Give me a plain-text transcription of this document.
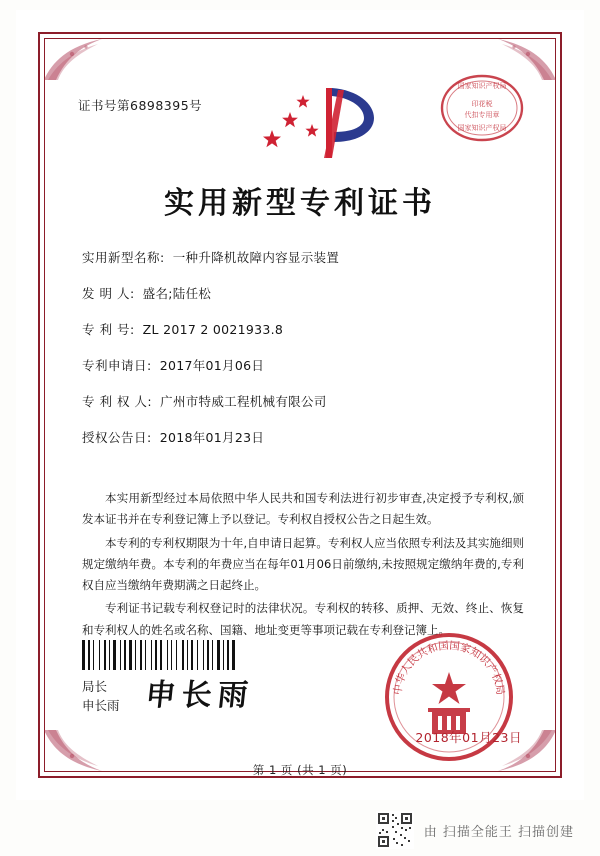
证书号第6898395号
国家知识产权局
印花税
代扣专用章
国家知识产权局
实用新型专利证书
实用新型名称: 一种升降机故障内容显示装置
发 明 人: 盛名;陆任松
专 利 号: ZL 2017 2 0021933.8
专利申请日: 2017年01月06日
专 利 权 人: 广州市特威工程机械有限公司
授权公告日: 2018年01月23日

本实用新型经过本局依照中华人民共和国专利法进行初步审查,决定授予专利权,颁发本证书并在专利登记簿上予以登记。专利权自授权公告之日起生效。

本专利的专利权期限为十年,自申请日起算。专利权人应当依照专利法及其实施细则规定缴纳年费。本专利的年费应当在每年01月06日前缴纳,未按照规定缴纳年费的,专利权自应当缴纳年费期满之日起终止。

专利证书记载专利权登记时的法律状况。专利权的转移、质押、无效、终止、恢复和专利权人的姓名或名称、国籍、地址变更等事项记载在专利登记簿上。

局长
申长雨 申长雨	中华人民共和国国家知识产权局
2018年01月23日
第 1 页 (共 1 页)
由 扫描全能王 扫描创建
